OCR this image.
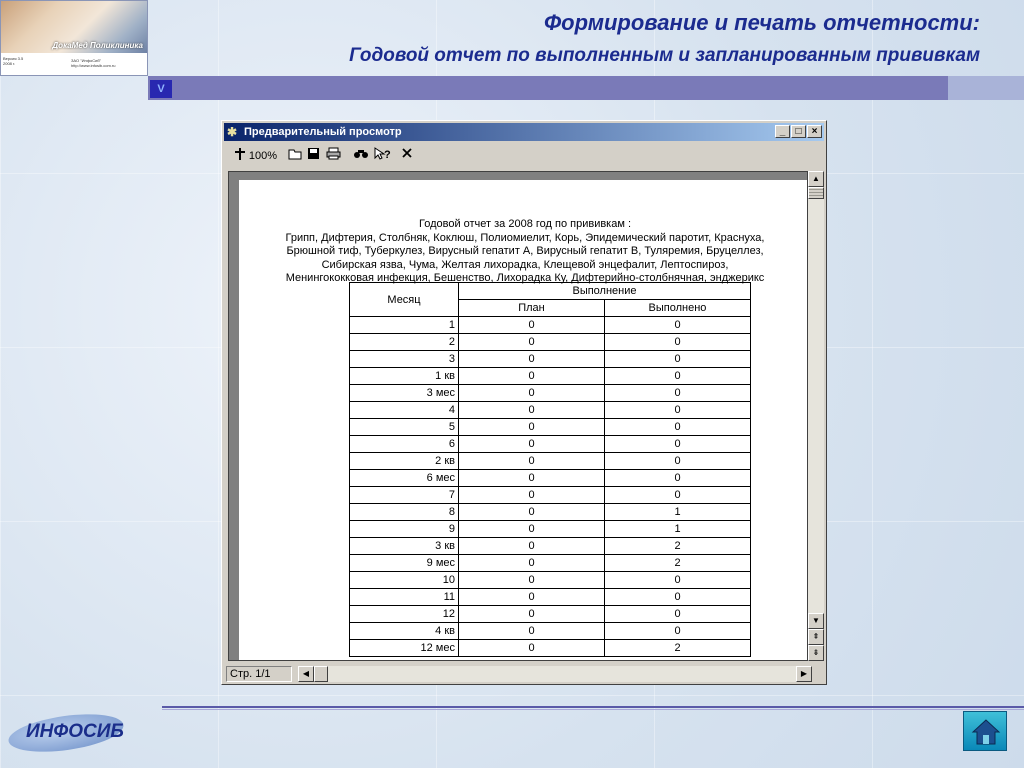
ДокаМед Поликлиника
Версия 3.5
2008 г.
ЗАО "ИнфоСиб"
http://www.infosib.com.ru
Формирование и печать отчетности:
Годовой отчет по выполненным и запланированным прививкам
V
✱ Предварительный просмотр	_	□	×
100%	?
Годовой отчет за 2008 год по прививкам :
Грипп, Дифтерия, Столбняк, Коклюш, Полиомиелит, Корь, Эпидемический паротит, Краснуха,
Брюшной тиф, Туберкулез, Вирусный гепатит А, Вирусный гепатит В, Туляремия, Бруцеллез,
Сибирская язва, Чума, Желтая лихорадка, Клещевой энцефалит, Лептоспироз,
Менингококковая инфекция, Бешенство, Лихорадка Ку, Дифтерийно-столбнячная, энджерикс
Месяц	Выполнение	
	План	Выполнено
1	0	0
2	0	0
3	0	0
1 кв	0	0
3 мес	0	0
4	0	0
5	0	0
6	0	0
2 кв	0	0
6 мес	0	0
7	0	0
8	0	1
9	0	1
3 кв	0	2
9 мес	0	2
10	0	0
11	0	0
12	0	0
4 кв	0	0
12 мес	0	2
▲
▼
⇞
⇟
Стр. 1/1	◀	▶
ИНФОСИБ
